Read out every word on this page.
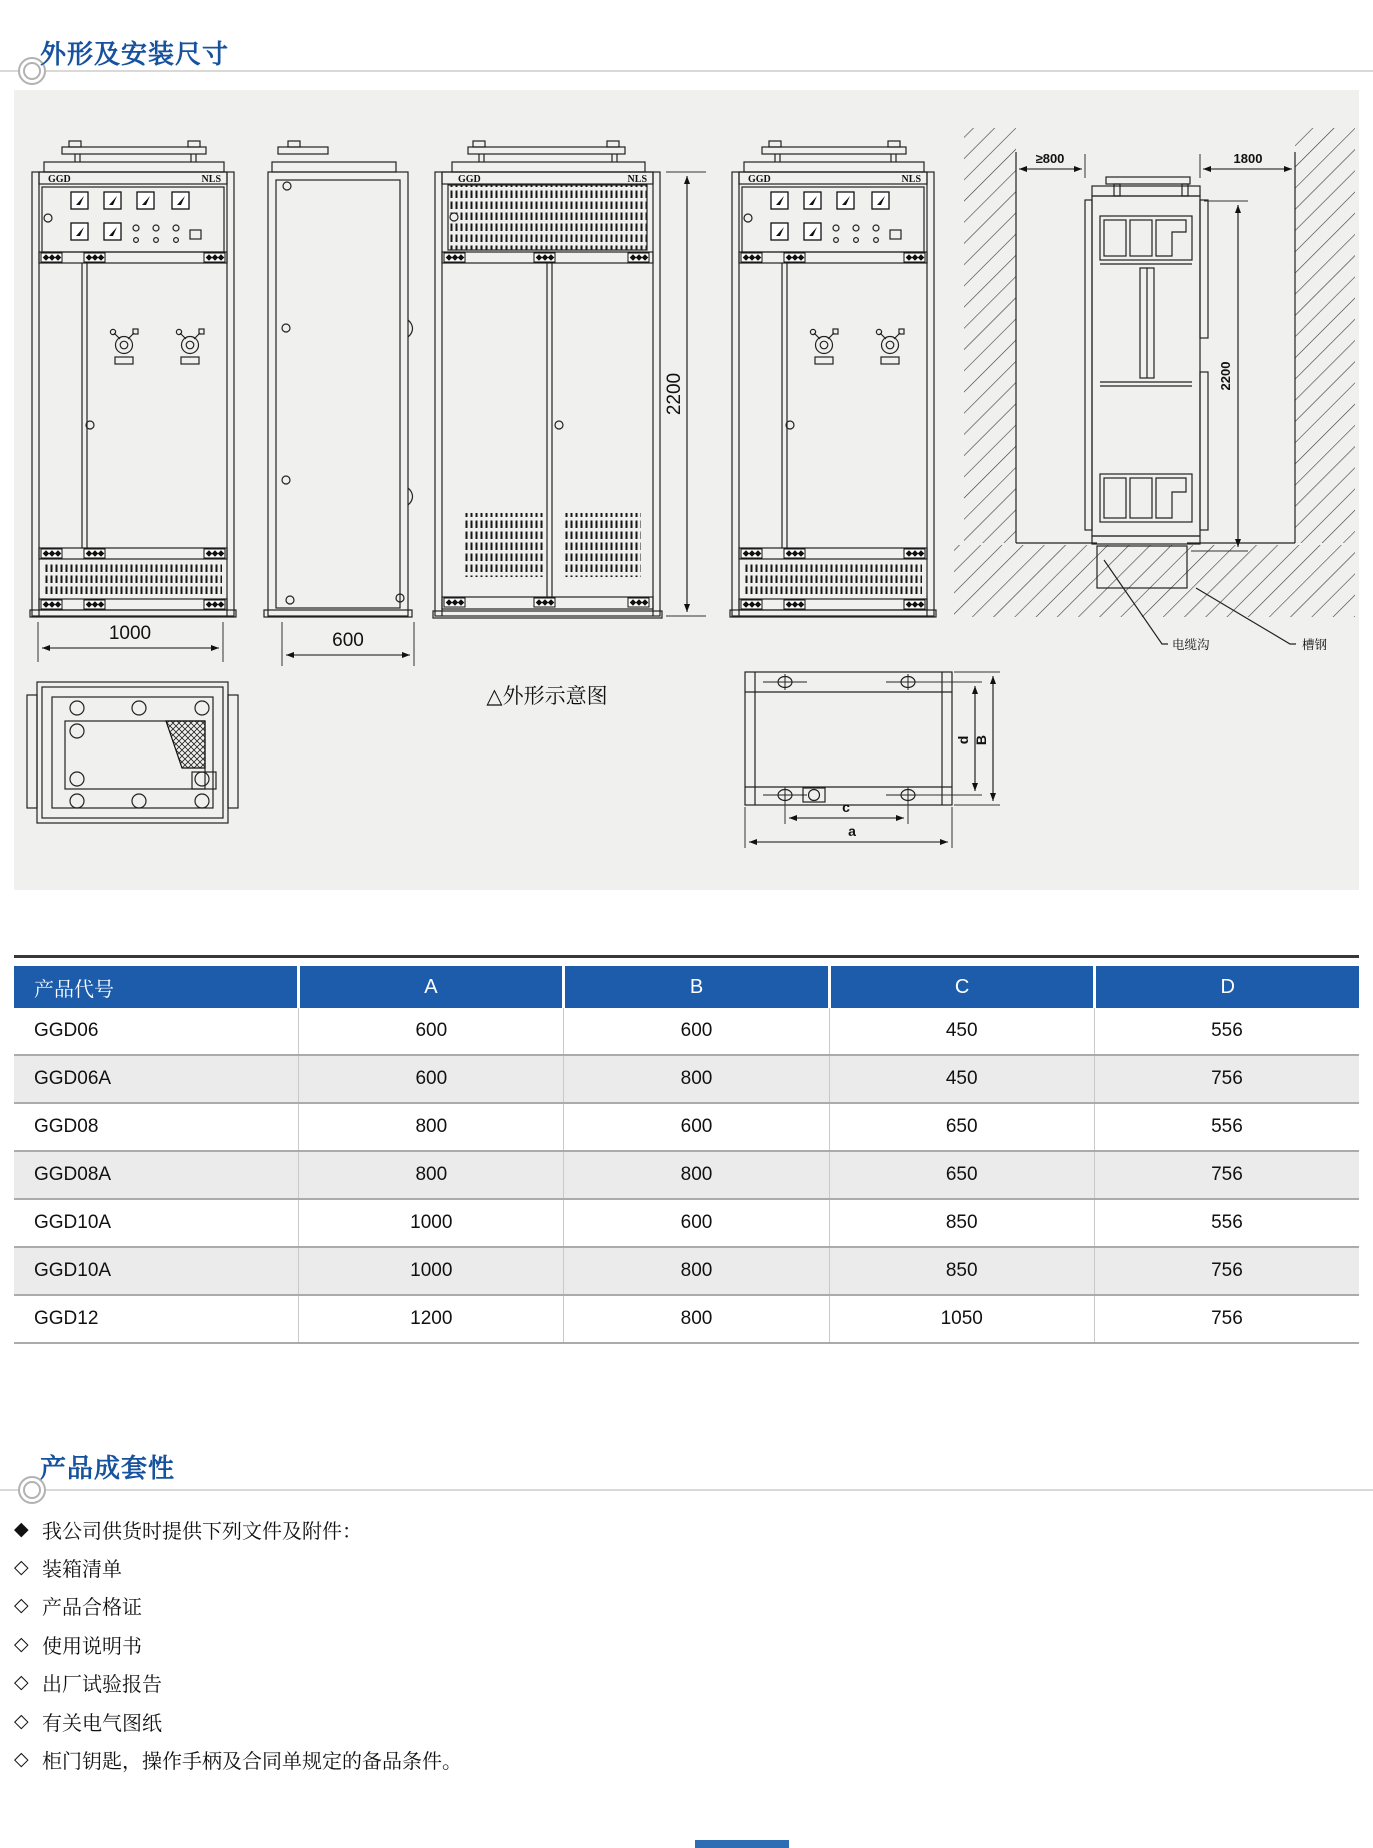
外形及安装尺寸
GGD	NLS
1000	600
GGD	NLS
2200
≥800	1800
2200
电缆沟	槽钢
△外形示意图
c
a
d B
产品代号	A	B	C	D
GGD06	600	600	450	556
GGD06A	600	800	450	756
GGD08	800	600	650	556
GGD08A	800	800	650	756
GGD10A	1000	600	850	556
GGD10A	1000	800	850	756
GGD12	1200	800	1050	756
产品成套性
◆ 我公司供货时提供下列文件及附件：
◇ 装箱清单
◇ 产品合格证
◇ 使用说明书
◇ 出厂试验报告
◇ 有关电气图纸
◇ 柜门钥匙，操作手柄及合同单规定的备品条件。
